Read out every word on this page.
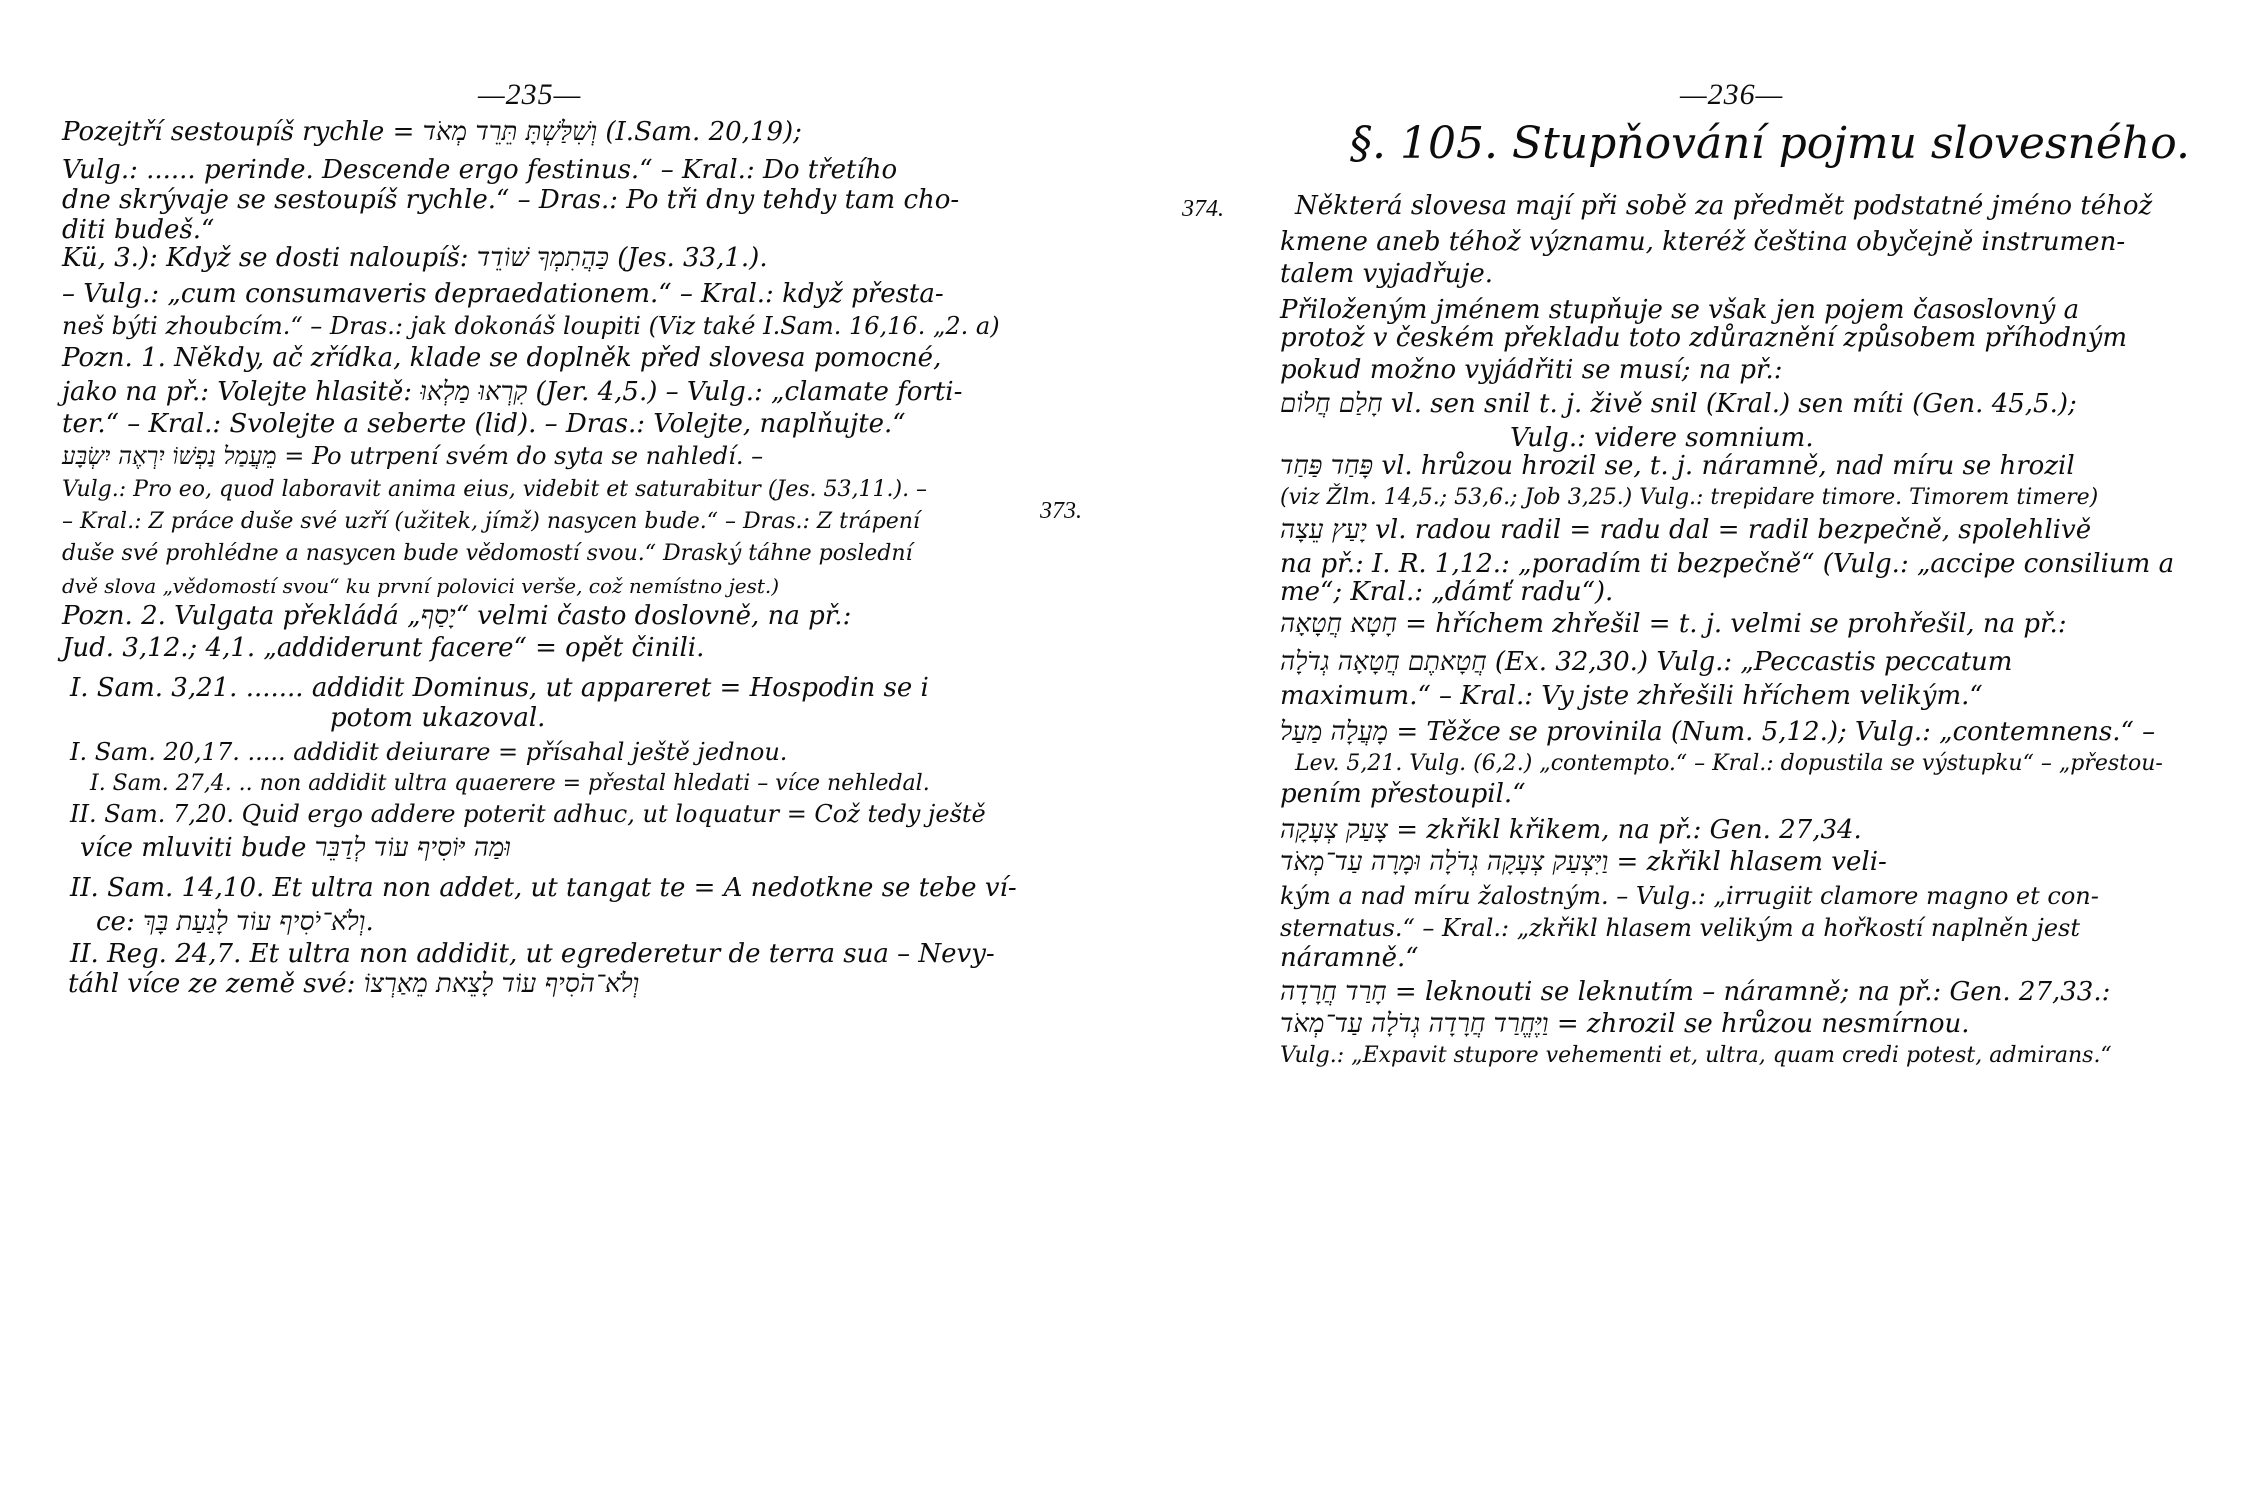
—235—
373.
Pozejtří sestoupíš rychle = וְשִׁלַּשְׁתָּ תֵּרֵד מְאֹד (I.Sam. 20,19);
Vulg.: ...... perinde. Descende ergo festinus.“ – Kral.: Do třetího
dne skrývaje se sestoupíš rychle.“ – Dras.: Po tři dny tehdy tam cho-
diti budeš.“
Kü, 3.): Když se dosti naloupíš: כַּהֲתִמְךָ שׁוֹדֵד (Jes. 33,1.).
– Vulg.: „cum consumaveris depraedationem.“ – Kral.: když přesta-
neš býti zhoubcím.“ – Dras.: jak dokonáš loupiti (Viz také I.Sam. 16,16. „2. a)
Pozn. 1. Někdy, ač zřídka, klade se doplněk před slovesa pomocné,
jako na př.: Volejte hlasitě: קִרְאוּ מַלְאוּ (Jer. 4,5.) – Vulg.: „clamate forti-
ter.“ – Kral.: Svolejte a seberte (lid). – Dras.: Volejte, naplňujte.“
מֵעֲמַל נַפְשׁוֹ יִרְאֶה יִשְׂבָּע = Po utrpení svém do syta se nahledí. –
Vulg.: Pro eo, quod laboravit anima eius, videbit et saturabitur (Jes. 53,11.). –
– Kral.: Z práce duše své uzří (užitek, jímž) nasycen bude.“ – Dras.: Z trápení
duše své prohlédne a nasycen bude vědomostí svou.“ Draský táhne poslední
dvě slova „vědomostí svou“ ku první polovici verše, což nemístno jest.)
Pozn. 2. Vulgata překládá „יָסַף“ velmi často doslovně, na př.:
Jud. 3,12.; 4,1. „addiderunt facere“ = opět činili.
I. Sam. 3,21. ....... addidit Dominus, ut appareret = Hospodin se i
potom ukazoval.
I. Sam. 20,17. ..... addidit deiurare = přísahal ještě jednou.
I. Sam. 27,4. .. non addidit ultra quaerere = přestal hledati – více nehledal.
II. Sam. 7,20. Quid ergo addere poterit adhuc, ut loquatur = Což tedy ještě
více mluviti bude וּמַה יּוֹסִיף עוֹד לְדַבֵּר
II. Sam. 14,10. Et ultra non addet, ut tangat te = A nedotkne se tebe ví-
ce: וְלֹא־יֹסִיף עוֹד לָגַעַת בָּךְ.
II. Reg. 24,7. Et ultra non addidit, ut egrederetur de terra sua – Nevy-
táhl více ze země své: וְלֹא־הֹסִיף עוֹד לָצֵאת מֵאַרְצוֹ
—236—
§. 105. Stupňování pojmu slovesného.
374.	Některá slovesa mají při sobě za předmět podstatné jméno téhož
kmene aneb téhož významu, kteréž čeština obyčejně instrumen-
talem vyjadřuje.
Přiloženým jménem stupňuje se však jen pojem časoslovný a
protož v českém překladu toto zdůraznění způsobem příhodným
pokud možno vyjádřiti se musí; na př.:
חָלַם חֲלוֹם vl. sen snil t. j. živě snil (Kral.) sen míti (Gen. 45,5.);
Vulg.: videre somnium.
פָּחַד פַּחַד vl. hrůzou hrozil se, t. j. náramně, nad míru se hrozil
(viz Žlm. 14,5.; 53,6.; Job 3,25.) Vulg.: trepidare timore. Timorem timere)
יָעַץ עֵצָה vl. radou radil = radu dal = radil bezpečně, spolehlivě
na př.: I. R. 1,12.: „poradím ti bezpečně“ (Vulg.: „accipe consilium a
me“; Kral.: „dámť radu“).
חָטָא חֲטָאָה = hříchem zhřešil = t. j. velmi se prohřešil, na př.:
חֲטָאתֶם חֲטָאָה גְדֹלָה (Ex. 32,30.) Vulg.: „Peccastis peccatum
maximum.“ – Kral.: Vy jste zhřešili hříchem velikým.“
מָעֲלָה מַעַל = Těžce se provinila (Num. 5,12.); Vulg.: „contemnens.“ –
Lev. 5,21. Vulg. (6,2.) „contempto.“ – Kral.: dopustila se výstupku“ – „přestou-
pením přestoupil.“
צָעַק צְעָקָה = zkřikl křikem, na př.: Gen. 27,34.
וַיִּצְעַק צְעָקָה גְדֹלָה וּמָרָה עַד־מְאֹד = zkřikl hlasem veli-
kým a nad míru žalostným. – Vulg.: „irrugiit clamore magno et con-
sternatus.“ – Kral.: „zkřikl hlasem velikým a hořkostí naplněn jest
náramně.“
חָרַד חֲרָדָה = leknouti se leknutím – náramně; na př.: Gen. 27,33.:
וַיֶּחֱרַד חֲרָדָה גְדֹלָה עַד־מְאֹד = zhrozil se hrůzou nesmírnou.
Vulg.: „Expavit stupore vehementi et, ultra, quam credi potest, admirans.“
